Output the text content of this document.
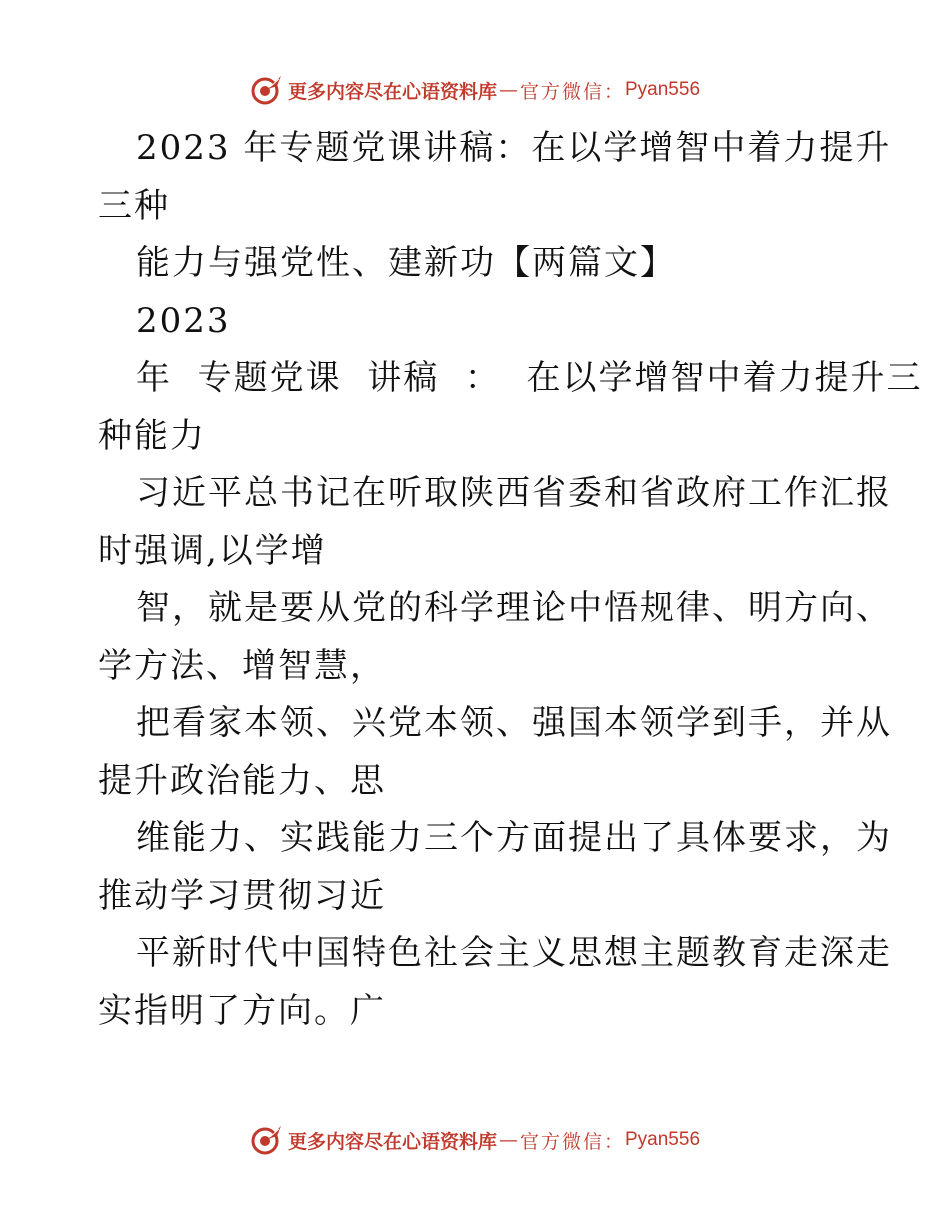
更多内容尽在心语资料库 — 官方微信： Pyan556

2023 年专题党课讲稿：在以学增智中着力提升

三种

能力与强党性、建新功【两篇文】

2023

年  专题党课  讲稿  ：  在以学增智中着力提升三

种能力

习近平总书记在听取陕西省委和省政府工作汇报

时强调,以学增

智，就是要从党的科学理论中悟规律、明方向、

学方法、增智慧，

把看家本领、兴党本领、强国本领学到手，并从

提升政治能力、思

维能力、实践能力三个方面提出了具体要求，为

推动学习贯彻习近

平新时代中国特色社会主义思想主题教育走深走

实指明了方向。广

更多内容尽在心语资料库 — 官方微信： Pyan556
